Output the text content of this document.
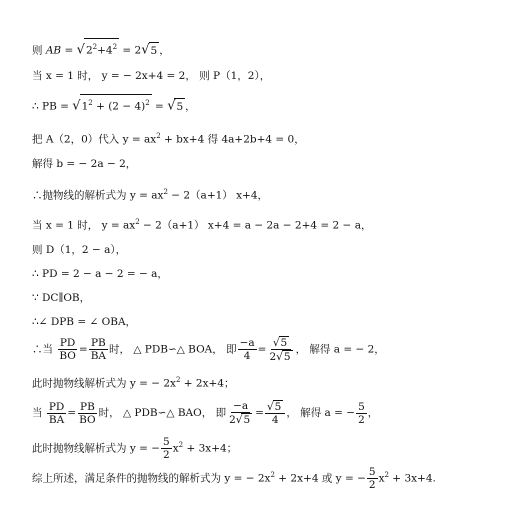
则 AB = $√2^2+4^2 = 2√5$ ，
当 x = 1 时， y = − 2x+4 = 2， 则 P（1，2），
∴ PB = $√1^2 + (2 - 4)^2 = √5$ ，
把 A（2，0）代入 $y = ax^2 + bx+4$ 得 4a+2b+4 = 0，
解得 b = − 2a − 2，
∴抛物线的解析式为 $y = ax^2 - 2(a+1)$ x+4，
当 x = 1 时， $y = ax^2 - 2(a+1) x+4 = a - 2a - 2+4 = 2 - a$，
则 D（1，2 − a），
∴ PD = 2 − a − 2 = − a，
∵ DC∥OB，
∴∠ DPB = ∠ OBA，
∴当 $\frac{PD}{BO} = \frac{PB}{BA}$ 时， △ PDB∽△ BOA， 即 $\frac{-a}{4} = \frac{√5}{2√5}$ ， 解得 a = − 2，
此时抛物线解析式为 y = − $2x^2 + 2x+4$；
当 $\frac{PD}{BA} = \frac{PB}{BO}$ 时， △ PDB∽△ BAO， 即 $\frac{-a}{2√5} = \frac{√5}{4}$ ， 解得 a = − $\frac{5}{2}$ ，
此时抛物线解析式为 y = − $\frac{5}{2} x^2 + 3x+4$；
综上所述，满足条件的抛物线的解析式为 y = − $2x^2 + 2x+4$ 或 y = − $\frac{5}{2} x^2 + 3x+4$.
